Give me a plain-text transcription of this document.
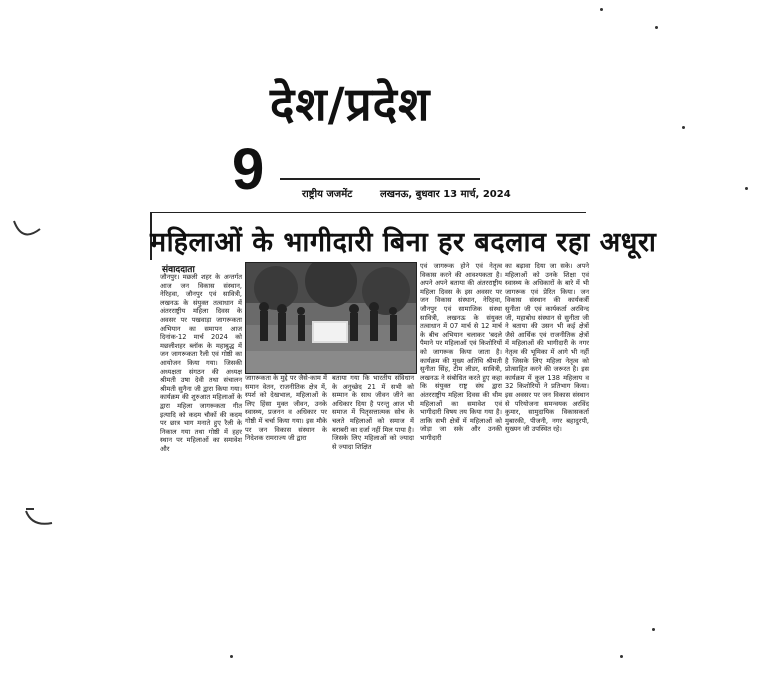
देश/प्रदेश
9	राष्ट्रीय जजमेंट	लखनऊ, बुधवार 13 मार्च, 2024
महिलाओं के भागीदारी बिना हर बदलाव रहा अधूरा
संवाददाता
जौनपुर। मछली शहर के अन्तर्गत आज जन विकास संस्थान, नेरिहवा, जौनपुर एवं सावित्री, लखनऊ के संयुक्त तत्वाधान में अंतरराष्ट्रीय महिला दिवस के अवसर पर पखवाड़ा जागरूकता अभियान का समापन आज दिनांक-12 मार्च 2024 को मछलीशहर ब्लॉक के महाबुद्ध में जन जागरूकता रैली एवं गोष्ठी का आयोजन किया गया। जिसकी अध्यक्षता संगठन की अध्यक्ष श्रीमती उषा देवी तथा संचालन श्रीमती सुनैना जी द्वारा किया गया। कार्यक्रम की शुरुआत महिलाओं के द्वारा महिला जागरूकता गीत इत्यादि को कदम चौकों की कदम पर छात्र भाग मनाते हुए रैली के निकाल गया तथा गोष्ठी में हहर स्थान पर महिलाओं का समावेश और
जाग़रूकता के मुद्दे पर जैसे-काम में समान वेतन, राजनीतिक क्षेत्र में, स्पर्श को देखभाल, महिलाओं के लिए हिंसा मुक्त जीवन, उनके स्वास्थ्य, प्रजनन व अधिकार पर गोष्ठी में चर्चा किया गया। इस मौके पर जन विकास संस्थान के निदेशक रामराज्य जी द्वारा
बताया गया कि भारतीय संविधान के अनुच्छेद 21 में सभी को सम्मान के साथ जीवन जीने का अधिकार दिया है परन्तु आज भी समाज में पितृसत्तात्मक सोच के चलते महिलाओं को समाज में बराबरी का दर्जा नहीं मिल पाया है। जिसके लिए महिलाओं को ज्यादा से ज्यादा शिक्षित
एवं जागरूक होने एवं नेतृत्व विकास करने की आवश्यकता है। अपने अपने बताया की अंतरराष्ट्रीय महिला दिवस के इस अवसर पर जन विकास संस्थान, नेरिहवा, जौनपुर एवं सामाजिक संस्था सावित्री, लखनऊ के संयुक्त तत्वाधान में 07 मार्च से 12 मार्च के बीच अभियान चलाकर 'बदले पैमाने पर महिलाओं एवं किशोरियों को जागरूक किया जाता है। कार्यक्रम की मुख्य अतिथि श्रीमती सुनीता सिंह, टीम लीडर, सावित्री, लखनऊ ने संबोधित करते हुए कहा कि संयुक्त राष्ट्र संघ द्वारा अंतरराष्ट्रीय महिला दिवस की थीम महिलाओं का समावेश एवं भागीदारी विषय तय किया गया है। ताकि सभी क्षेत्रों में महिलाओं को जोड़ा जा सके और उनकी भागीदारी
का बढ़ावा दिया जा सके। अपने महिलाओं को उनके शिक्षा एवं स्वास्थ्य के अधिकारों के बारे में भी जागरूक एवं प्रेरित किया। जन विकास संस्थान की कार्यकर्त्री सुनीता जी एवं कार्यकर्ता अरविन्द जी, महाबोध संस्थान से सुनीता जी ने बताया की उसन भी कई क्षेत्रों जैसे आर्थिक एवं राजनीतिक क्षेत्रों में महिलाओं की भागीदारी के नगर नेतृत्व की भूमिका में आगे भी नहीं है जिसके लिए महिला नेतृत्व को प्रोत्साहित करने की जरूरत है। इस कार्यक्रम में कुल 138 महिलाय व 32 किशोरियों ने प्रतिभाग किया। इस अवसर पर जन विकास संस्थान से परियोजना समन्वयक अरविंद कुमार, सामुदायिक विकासकर्ता मुबारकी, पीजनी, नगर बहादुरपी, सुख्यन जी उपस्थित रहे।
